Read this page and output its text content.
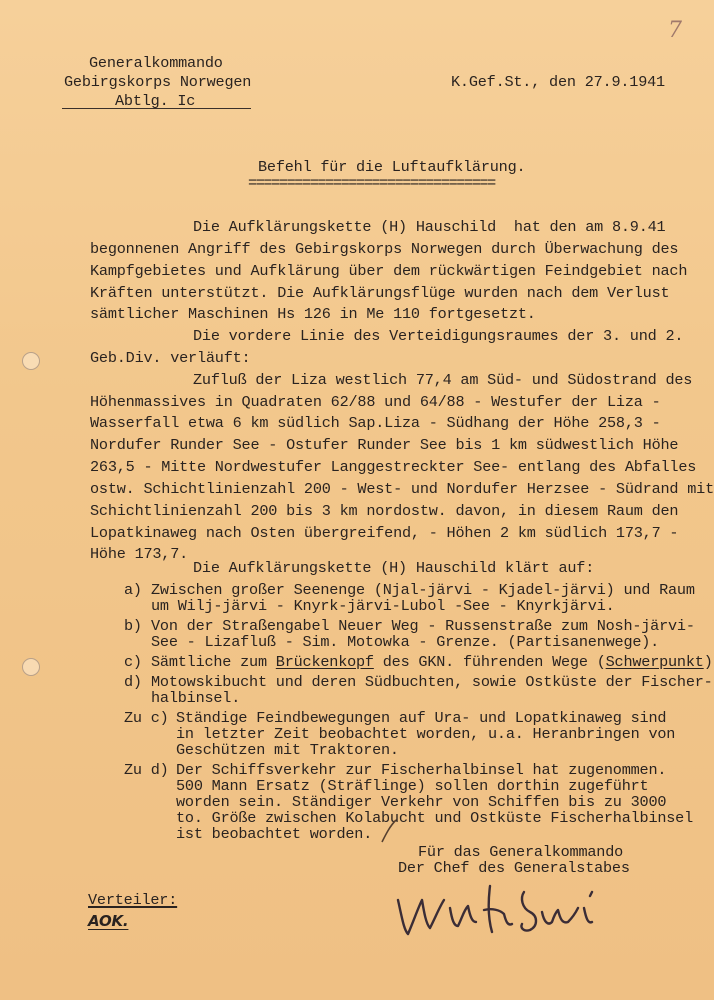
7
Generalkommando
Gebirgskorps Norwegen
Abtlg. Ic
K.Gef.St., den 27.9.1941
Befehl für die Luftaufklärung.
================================
Die Aufklärungskette (H) Hauschild  hat den am 8.9.41
begonnenen Angriff des Gebirgskorps Norwegen durch Überwachung des
Kampfgebietes und Aufklärung über dem rückwärtigen Feindgebiet nach
Kräften unterstützt. Die Aufklärungsflüge wurden nach dem Verlust
sämtlicher Maschinen Hs 126 in Me 110 fortgesetzt.
Die vordere Linie des Verteidigungsraumes der 3. und 2.
Geb.Div. verläuft:
Zufluß der Liza westlich 77,4 am Süd- und Südostrand des
Höhenmassives in Quadraten 62/88 und 64/88 - Westufer der Liza -
Wasserfall etwa 6 km südlich Sap.Liza - Südhang der Höhe 258,3 -
Nordufer Runder See - Ostufer Runder See bis 1 km südwestlich Höhe
263,5 - Mitte Nordwestufer Langgestreckter See- entlang des Abfalles
ostw. Schichtlinienzahl 200 - West- und Nordufer Herzsee - Südrand mit
Schichtlinienzahl 200 bis 3 km nordostw. davon, in diesem Raum den
Lopatkinaweg nach Osten übergreifend, - Höhen 2 km südlich 173,7 -
Höhe 173,7.
Die Aufklärungskette (H) Hauschild klärt auf:
a) Zwischen großer Seenenge (Njal-järvi - Kjadel-järvi) und Raum
um Wilj-järvi - Knyrk-järvi-Lubol -See - Knyrkjärvi.
b) Von der Straßengabel Neuer Weg - Russenstraße zum Nosh-järvi-
See - Lizafluß - Sim. Motowka - Grenze. (Partisanenwege).
c) Sämtliche zum Brückenkopf des GKN. führenden Wege (Schwerpunkt)
d) Motowskibucht und deren Südbuchten, sowie Ostküste der Fischer-
halbinsel.
Zu c) Ständige Feindbewegungen auf Ura- und Lopatkinaweg sind
in letzter Zeit beobachtet worden, u.a. Heranbringen von
Geschützen mit Traktoren.
Zu d) Der Schiffsverkehr zur Fischerhalbinsel hat zugenommen.
500 Mann Ersatz (Sträflinge) sollen dorthin zugeführt
worden sein. Ständiger Verkehr von Schiffen bis zu 3000
to. Größe zwischen Kolabucht und Ostküste Fischerhalbinsel
ist beobachtet worden.
Für das Generalkommando
Der Chef des Generalstabes
Verteiler:
AOK.
